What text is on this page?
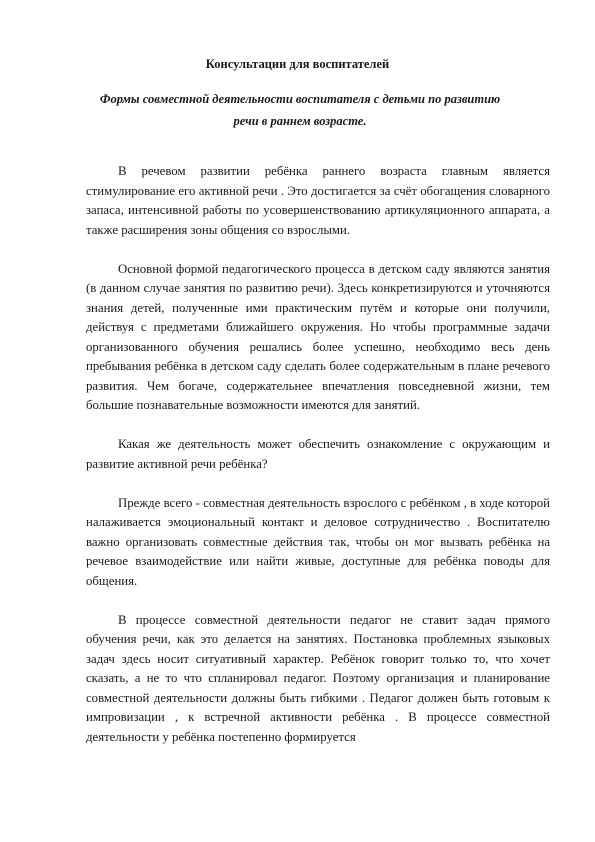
Консультации для воспитателей
Формы совместной деятельности воспитателя с детьми по развитию речи в раннем возрасте.

В речевом развитии ребёнка раннего возраста главным является стимулирование его активной речи . Это достигается за счёт обогащения словарного запаса, интенсивной работы по усовершенствованию артикуляционного аппарата, а также расширения зоны общения со взрослыми.

Основной формой педагогического процесса в детском саду являются занятия (в данном случае занятия по развитию речи). Здесь конкретизируются и уточняются знания детей, полученные ими практическим путём и которые они получили, действуя с предметами ближайшего окружения. Но чтобы программные задачи организованного обучения решались более успешно, необходимо весь день пребывания ребёнка в детском саду сделать более содержательным в плане речевого развития. Чем богаче, содержательнее впечатления повседневной жизни, тем большие познавательные возможности имеются для занятий.

Какая же деятельность может обеспечить ознакомление с окружающим и развитие активной речи ребёнка?

Прежде всего - совместная деятельность взрослого с ребёнком , в ходе которой налаживается эмоциональный контакт и деловое сотрудничество . Воспитателю важно организовать совместные действия так, чтобы он мог вызвать ребёнка на речевое взаимодействие или найти живые, доступные для ребёнка поводы для общения.

В процессе совместной деятельности педагог не ставит задач прямого обучения речи, как это делается на занятиях. Постановка проблемных языковых задач здесь носит ситуативный характер. Ребёнок говорит только то, что хочет сказать, а не то что спланировал педагог. Поэтому организация и планирование совместной деятельности должны быть гибкими . Педагог должен быть готовым к импровизации , к встречной активности ребёнка . В процессе совместной деятельности у ребёнка постепенно формируется
